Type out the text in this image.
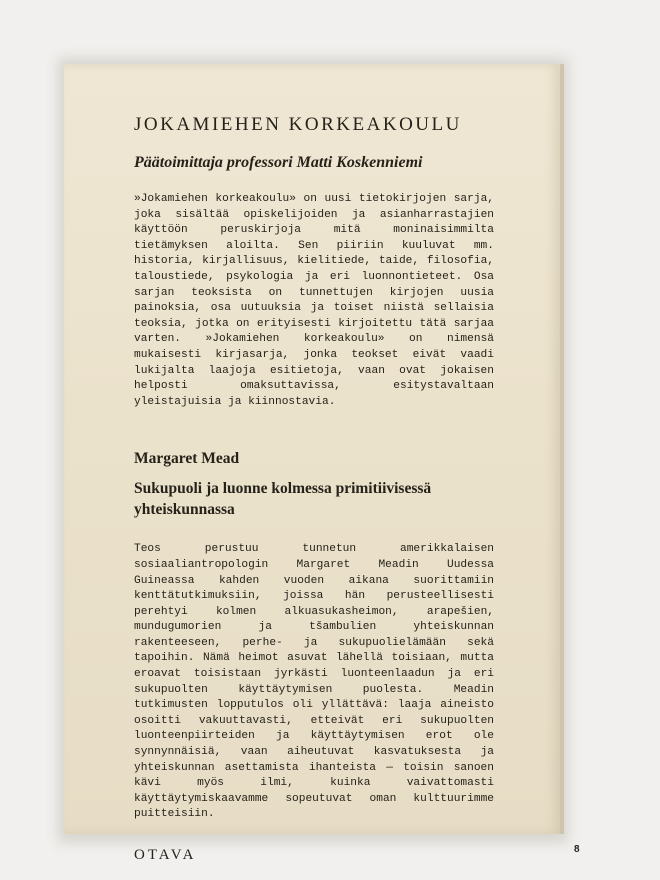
JOKAMIEHEN KORKEAKOULU
Päätoimittaja professori Matti Koskenniemi

»Jokamiehen korkeakoulu» on uusi tietokirjojen sarja, joka sisältää opiskelijoiden ja asianharrastajien käyttöön peruskirjoja mitä moninaisimmilta tietämyksen aloilta. Sen piiriin kuuluvat mm. historia, kirjallisuus, kielitiede, taide, filosofia, taloustiede, psykologia ja eri luonnontieteet. Osa sarjan teoksista on tunnettujen kirjojen uusia painoksia, osa uutuuksia ja toiset niistä sellaisia teoksia, jotka on erityisesti kirjoitettu tätä sarjaa varten. »Jokamiehen korkeakoulu» on nimensä mukaisesti kirjasarja, jonka teokset eivät vaadi lukijalta laajoja esitietoja, vaan ovat jokaisen helposti omaksuttavissa, esitystavaltaan yleistajuisia ja kiinnostavia.

Margaret Mead
Sukupuoli ja luonne kolmessa primitiivisessä yhteiskunnassa

Teos perustuu tunnetun amerikkalaisen sosiaaliantropologin Margaret Meadin Uudessa Guineassa kahden vuoden aikana suorittamiin kenttätutkimuksiin, joissa hän perusteellisesti perehtyi kolmen alkuasukasheimon, arapešien, mundugumorien ja tšambulien yhteiskunnan rakenteeseen, perhe- ja sukupuolielämään sekä tapoihin. Nämä heimot asuvat lähellä toisiaan, mutta eroavat toisistaan jyrkästi luonteenlaadun ja eri sukupuolten käyttäytymisen puolesta. Meadin tutkimusten lopputulos oli yllättävä: laaja aineisto osoitti vakuuttavasti, etteivät eri sukupuolten luonteenpiirteiden ja käyttäytymisen erot ole synnynnäisiä, vaan aiheutuvat kasvatuksesta ja yhteiskunnan asettamista ihanteista — toisin sanoen kävi myös ilmi, kuinka vaivattomasti käyttäytymiskaavamme sopeutuvat oman kulttuurimme puitteisiin.

OTAVA	8
